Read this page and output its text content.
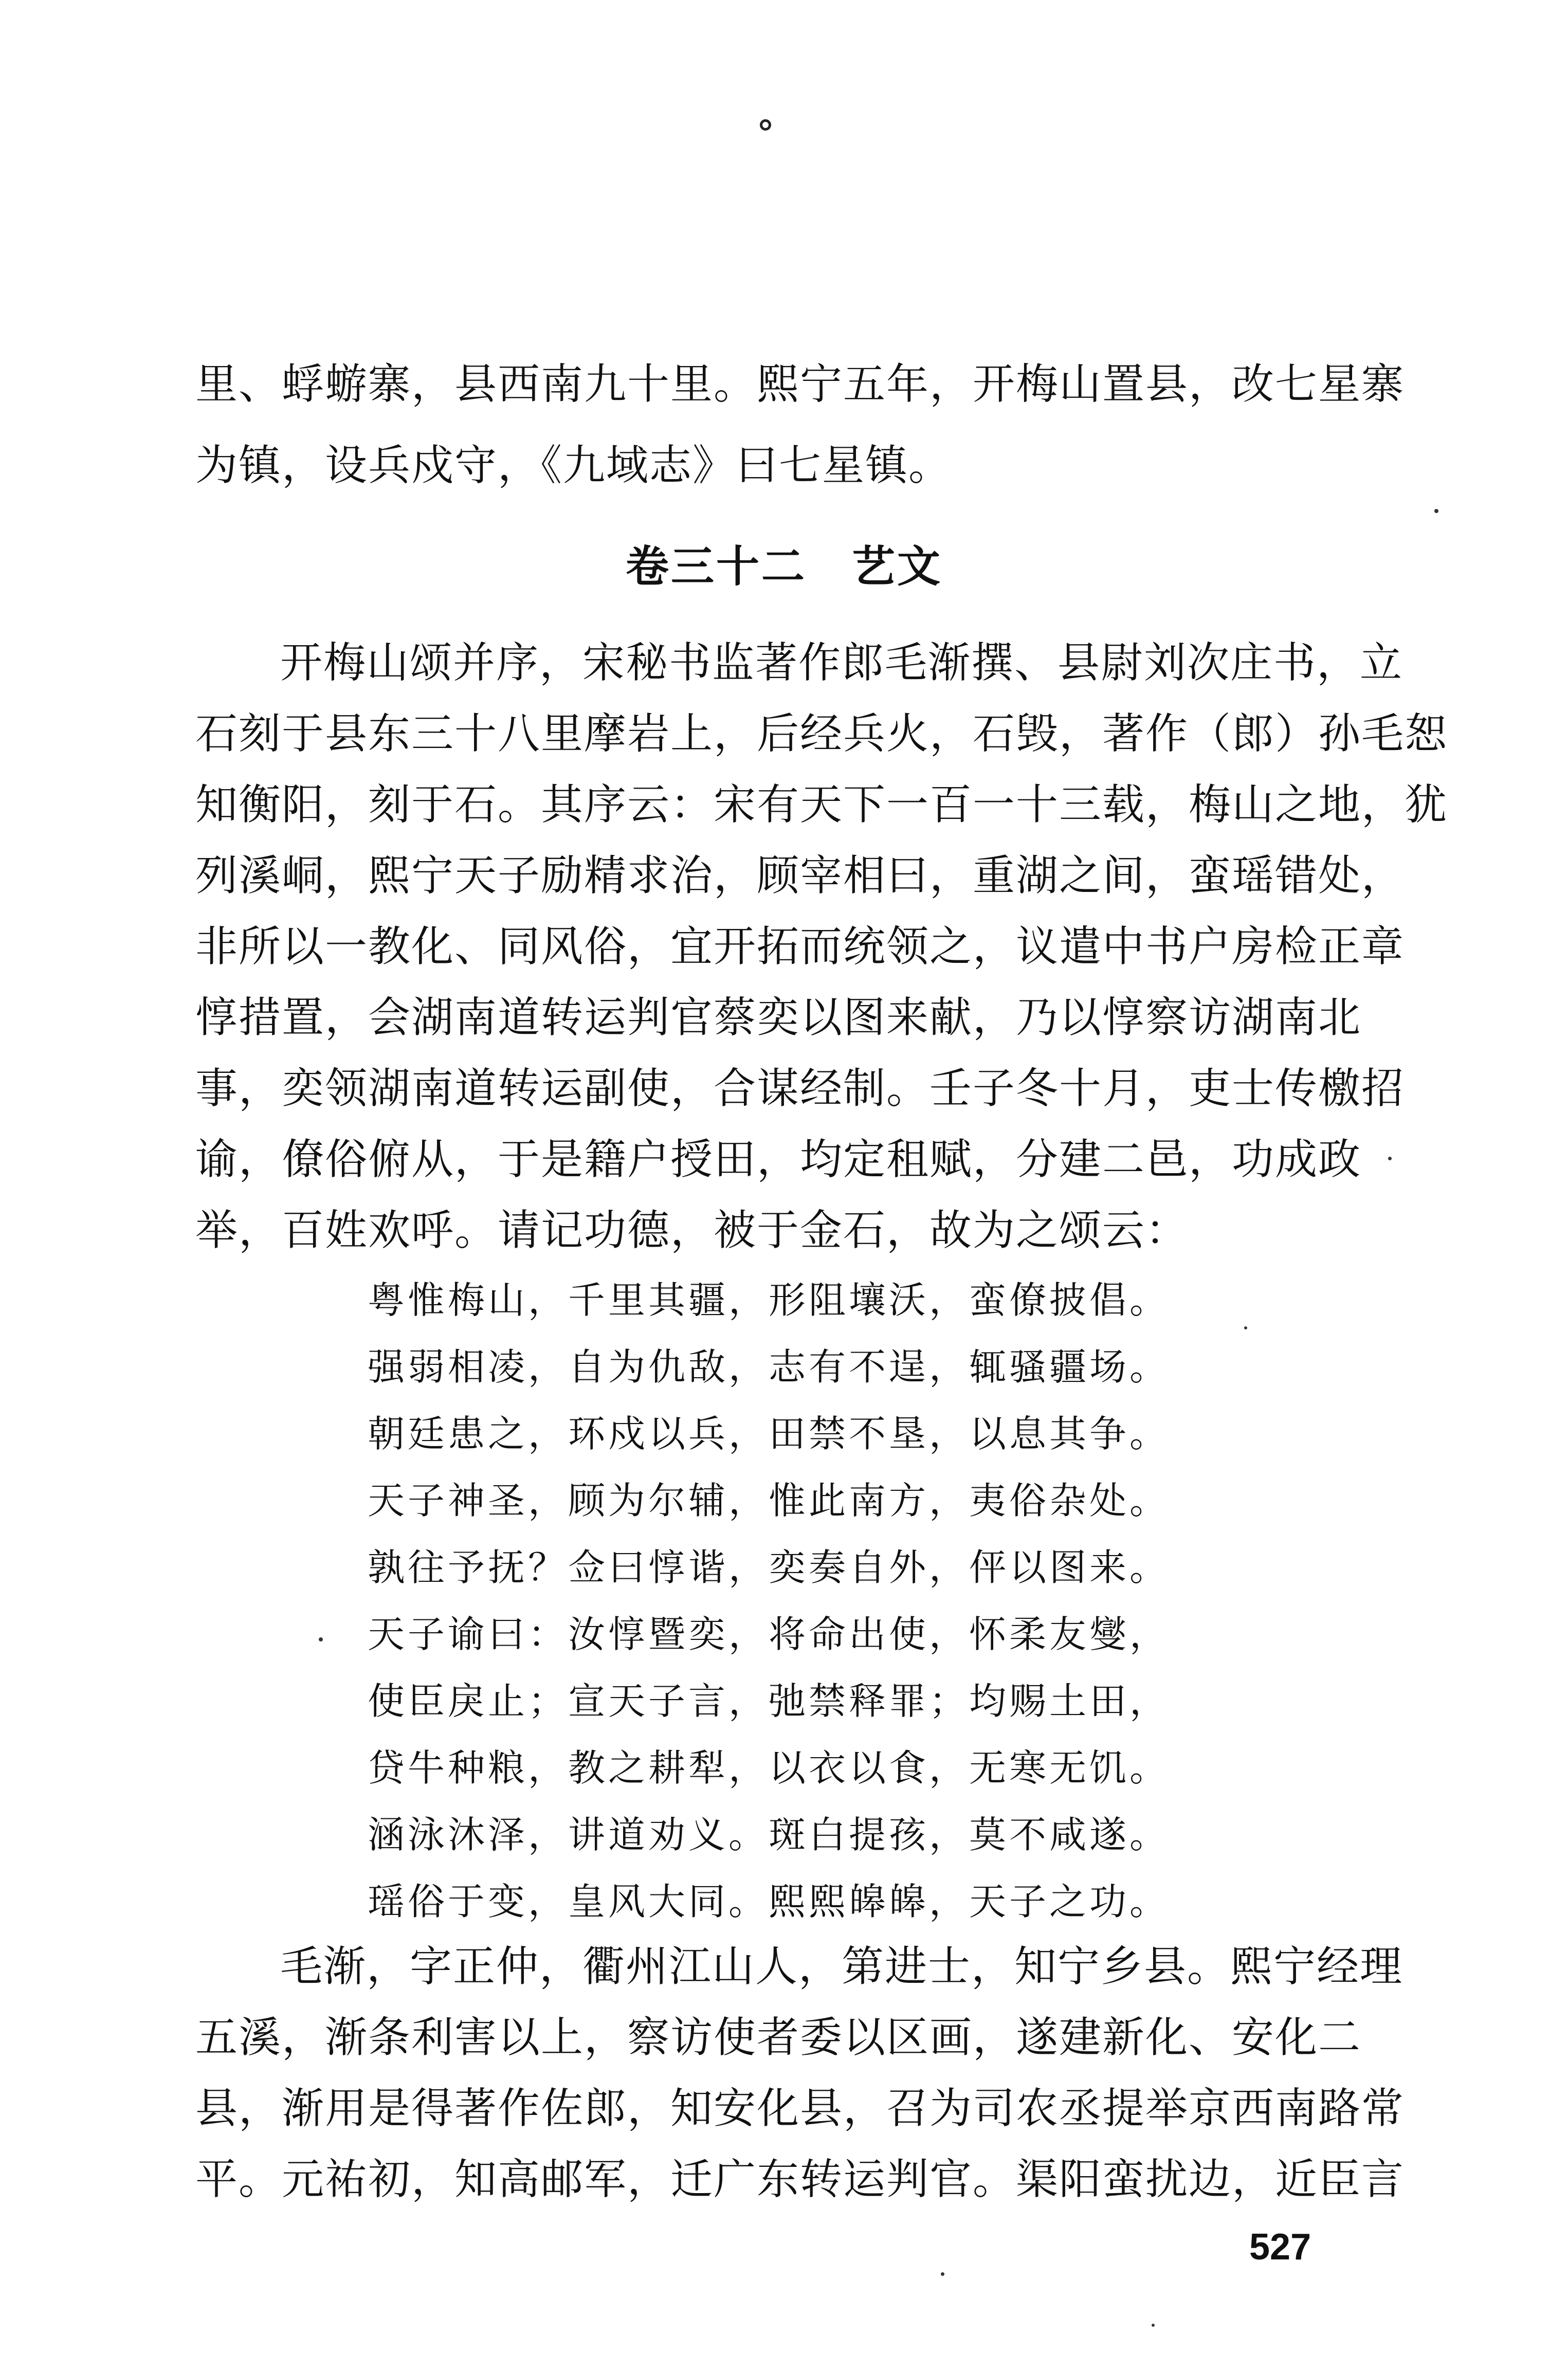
里、蜉蝣寨，县西南九十里。熙宁五年，开梅山置县，改七星寨
为镇，设兵戍守，《九域志》曰七星镇。
卷三十二　艺文
开梅山颂并序，宋秘书监著作郎毛渐撰、县尉刘次庄书，立
石刻于县东三十八里摩岩上，后经兵火，石毁，著作（郎）孙毛恕
知衡阳，刻于石。其序云：宋有天下一百一十三载，梅山之地，犹
列溪峒，熙宁天子励精求治，顾宰相曰，重湖之间，蛮瑶错处，
非所以一教化、同风俗，宜开拓而统领之，议遣中书户房检正章
惇措置，会湖南道转运判官蔡奕以图来献，乃以惇察访湖南北
事，奕领湖南道转运副使，合谋经制。壬子冬十月，吏士传檄招
谕，僚俗俯从，于是籍户授田，均定租赋，分建二邑，功成政
举，百姓欢呼。请记功德，被于金石，故为之颂云：
粤惟梅山，千里其疆，形阻壤沃，蛮僚披倡。
强弱相凌，自为仇敌，志有不逞，辄骚疆场。
朝廷患之，环戍以兵，田禁不垦，以息其争。
天子神圣，顾为尔辅，惟此南方，夷俗杂处。
孰往予抚？佥曰惇谐，奕奏自外，伻以图来。
天子谕曰：汝惇暨奕，将命出使，怀柔友燮，
使臣戾止；宣天子言，弛禁释罪；均赐土田，
贷牛种粮，教之耕犁，以衣以食，无寒无饥。
涵泳沐泽，讲道劝义。斑白提孩，莫不咸遂。
瑶俗于变，皇风大同。熙熙皞皞，天子之功。
毛渐，字正仲，衢州江山人，第进士，知宁乡县。熙宁经理
五溪，渐条利害以上，察访使者委以区画，遂建新化、安化二
县，渐用是得著作佐郎，知安化县，召为司农丞提举京西南路常
平。元祐初，知高邮军，迁广东转运判官。渠阳蛮扰边，近臣言
527
